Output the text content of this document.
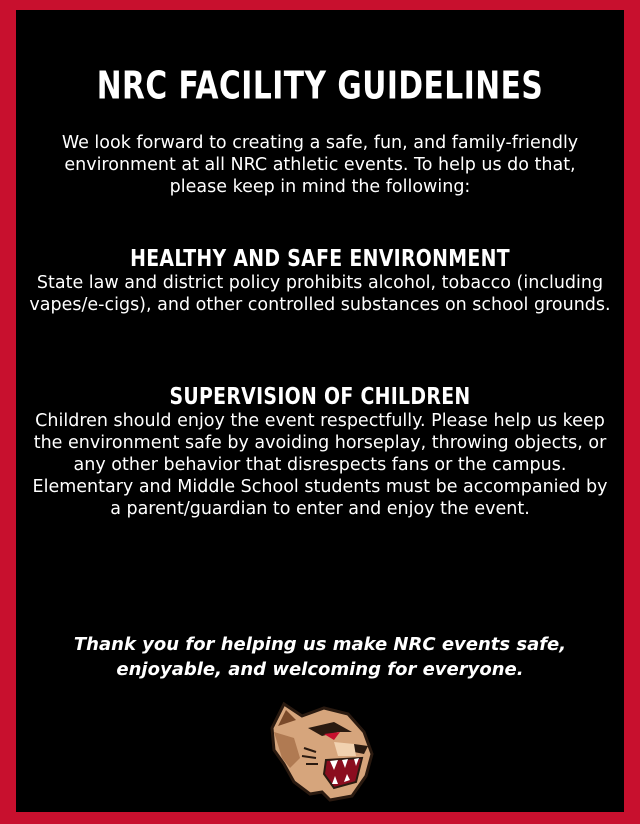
NRC FACILITY GUIDELINES

We look forward to creating a safe, fun, and family-friendly environment at all NRC athletic events. To help us do that, please keep in mind the following:

HEALTHY AND SAFE ENVIRONMENT

State law and district policy prohibits alcohol, tobacco (including vapes/e-cigs), and other controlled substances on school grounds.

SUPERVISION OF CHILDREN

Children should enjoy the event respectfully. Please help us keep the environment safe by avoiding horseplay, throwing objects, or any other behavior that disrespects fans or the campus.

Elementary and Middle School students must be accompanied by a parent/guardian to enter and enjoy the event.

Thank you for helping us make NRC events safe, enjoyable, and welcoming for everyone.
